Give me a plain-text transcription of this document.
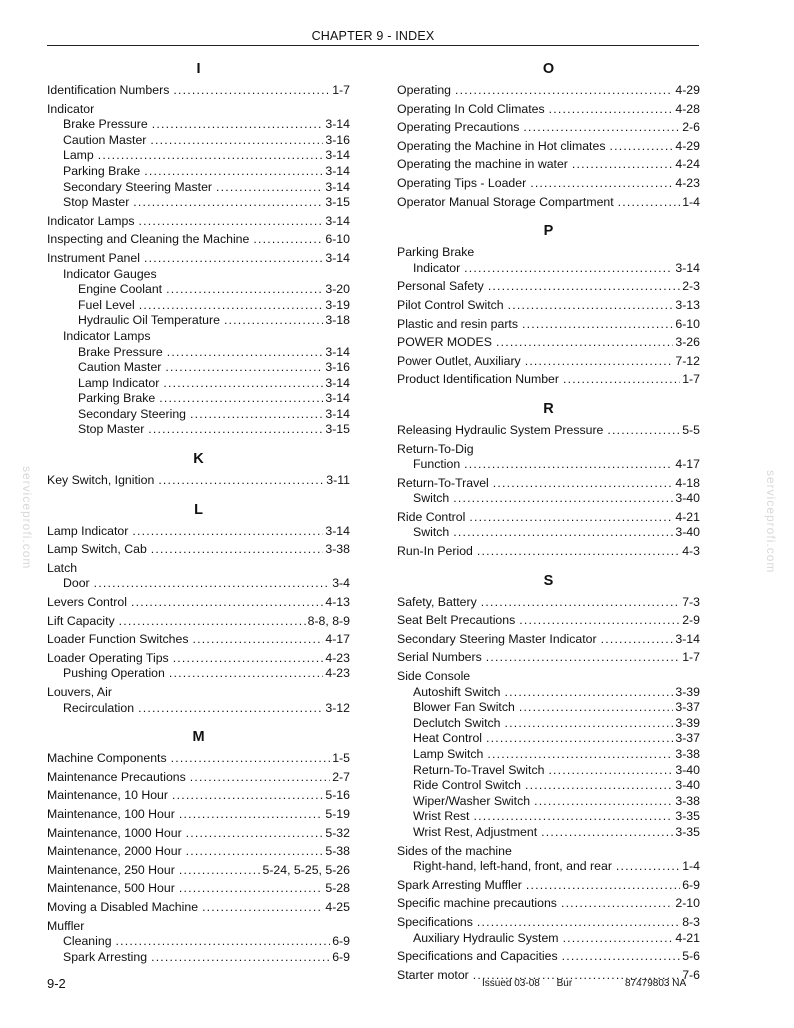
CHAPTER 9 - INDEX
serviceprofi.com	serviceprofi.com
I
Identification Numbers .....	1-7
Indicator
Brake Pressure .....	3-14
Caution Master .....	3-16
Lamp .....	3-14
Parking Brake .....	3-14
Secondary Steering Master .....	3-14
Stop Master .....	3-15
Indicator Lamps .....	3-14
Inspecting and Cleaning the Machine .....	6-10
Instrument Panel .....	3-14
Indicator Gauges
Engine Coolant .....	3-20
Fuel Level .....	3-19
Hydraulic Oil Temperature .....	3-18
Indicator Lamps
Brake Pressure .....	3-14
Caution Master .....	3-16
Lamp Indicator .....	3-14
Parking Brake .....	3-14
Secondary Steering .....	3-14
Stop Master .....	3-15
K
Key Switch, Ignition .....	3-11
L
Lamp Indicator .....	3-14
Lamp Switch, Cab .....	3-38
Latch
Door .....	3-4
Levers Control .....	4-13
Lift Capacity .....	8-8, 8-9
Loader Function Switches .....	4-17
Loader Operating Tips .....	4-23
Pushing Operation .....	4-23
Louvers, Air
Recirculation .....	3-12
M
Machine Components .....	1-5
Maintenance Precautions .....	2-7
Maintenance, 10 Hour .....	5-16
Maintenance, 100 Hour .....	5-19
Maintenance, 1000 Hour .....	5-32
Maintenance, 2000 Hour .....	5-38
Maintenance, 250 Hour .....	5-24, 5-25, 5-26
Maintenance, 500 Hour .....	5-28
Moving a Disabled Machine .....	4-25
Muffler
Cleaning .....	6-9
Spark Arresting .....	6-9
O
Operating .....	4-29
Operating In Cold Climates .....	4-28
Operating Precautions .....	2-6
Operating the Machine in Hot climates .....	4-29
Operating the machine in water .....	4-24
Operating Tips - Loader .....	4-23
Operator Manual Storage Compartment .....	1-4
P
Parking Brake
Indicator .....	3-14
Personal Safety .....	2-3
Pilot Control Switch .....	3-13
Plastic and resin parts .....	6-10
POWER MODES .....	3-26
Power Outlet, Auxiliary .....	7-12
Product Identification Number .....	1-7
R
Releasing Hydraulic System Pressure .....	5-5
Return-To-Dig
Function .....	4-17
Return-To-Travel .....	4-18
Switch .....	3-40
Ride Control .....	4-21
Switch .....	3-40
Run-In Period .....	4-3
S
Safety, Battery .....	7-3
Seat Belt Precautions .....	2-9
Secondary Steering Master Indicator .....	3-14
Serial Numbers .....	1-7
Side Console
Autoshift Switch .....	3-39
Blower Fan Switch .....	3-37
Declutch Switch .....	3-39
Heat Control .....	3-37
Lamp Switch .....	3-38
Return-To-Travel Switch .....	3-40
Ride Control Switch .....	3-40
Wiper/Washer Switch .....	3-38
Wrist Rest .....	3-35
Wrist Rest, Adjustment .....	3-35
Sides of the machine
Right-hand, left-hand, front, and rear .....	1-4
Spark Arresting Muffler .....	6-9
Specific machine precautions .....	2-10
Specifications .....	8-3
Auxiliary Hydraulic System .....	4-21
Specifications and Capacities .....	5-6
Starter motor .....	7-6
9-2	Issued 03-08 Bur	87479803 NA
